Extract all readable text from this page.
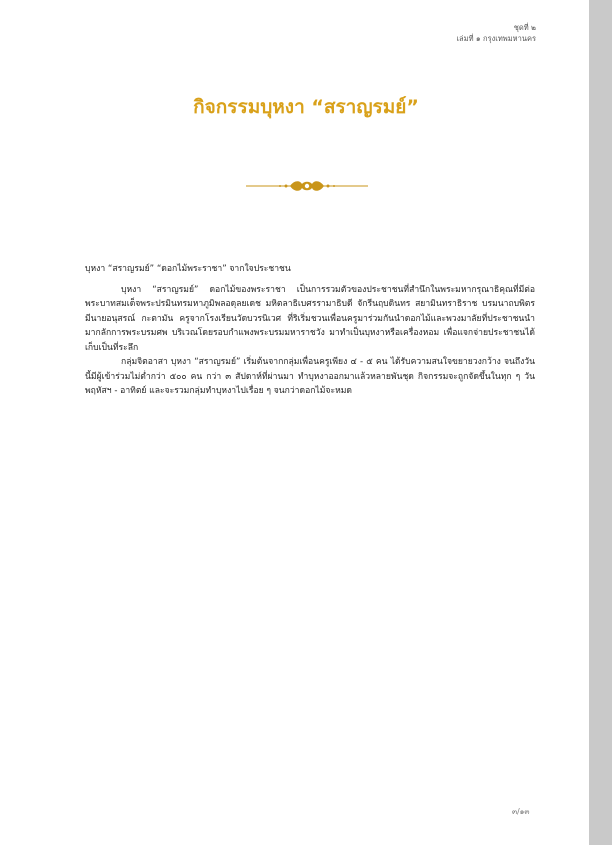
ชุดที่ ๒
เล่มที่ ๑ กรุงเทพมหานคร
กิจกรรมบุหงา “สราญรมย์”

บุหงา “สราญรมย์” “ดอกไม้พระราชา” จากใจประชาชน

บุหงา “สราญรมย์” ดอกไม้ของพระราชา เป็นการรวมตัวของประชาชนที่สำนึกในพระมหากรุณาธิคุณที่มีต่อพระบาทสมเด็จพระปรมินทรมหาภูมิพลอดุลยเดช มหิตลาธิเบศรรามาธิบดี จักรีนฤบดินทร สยามินทราธิราช บรมนาถบพิตร มีนายอนุสรณ์ กะตามัน ครูจากโรงเรียนวัดบวรนิเวศ ที่ริเริ่มชวนเพื่อนครูมาร่วมกันนำดอกไม้และพวงมาลัยที่ประชาชนนำมากลักการพระบรมศพ บริเวณโดยรอบกำแพงพระบรมมหาราชวัง มาทำเป็นบุหงาหรือเครื่องหอม เพื่อแจกจ่ายประชาชนได้เก็บเป็นที่ระลึก

กลุ่มจิตอาสา บุหงา “สราญรมย์” เริ่มต้นจากกลุ่มเพื่อนครูเพียง ๔ - ๕ คน ได้รับความสนใจขยายวงกว้าง จนถึงวันนี้มีผู้เข้าร่วมไม่ต่ำกว่า ๕๐๐ คน กว่า ๓ สัปดาห์ที่ผ่านมา ทำบุหงาออกมาแล้วหลายพันชุด กิจกรรมจะถูกจัดขึ้นในทุก ๆ วันพฤหัสฯ - อาทิตย์ และจะรวมกลุ่มทำบุหงาไปเรื่อย ๆ จนกว่าดอกไม้จะหมด

๓/๑๓
